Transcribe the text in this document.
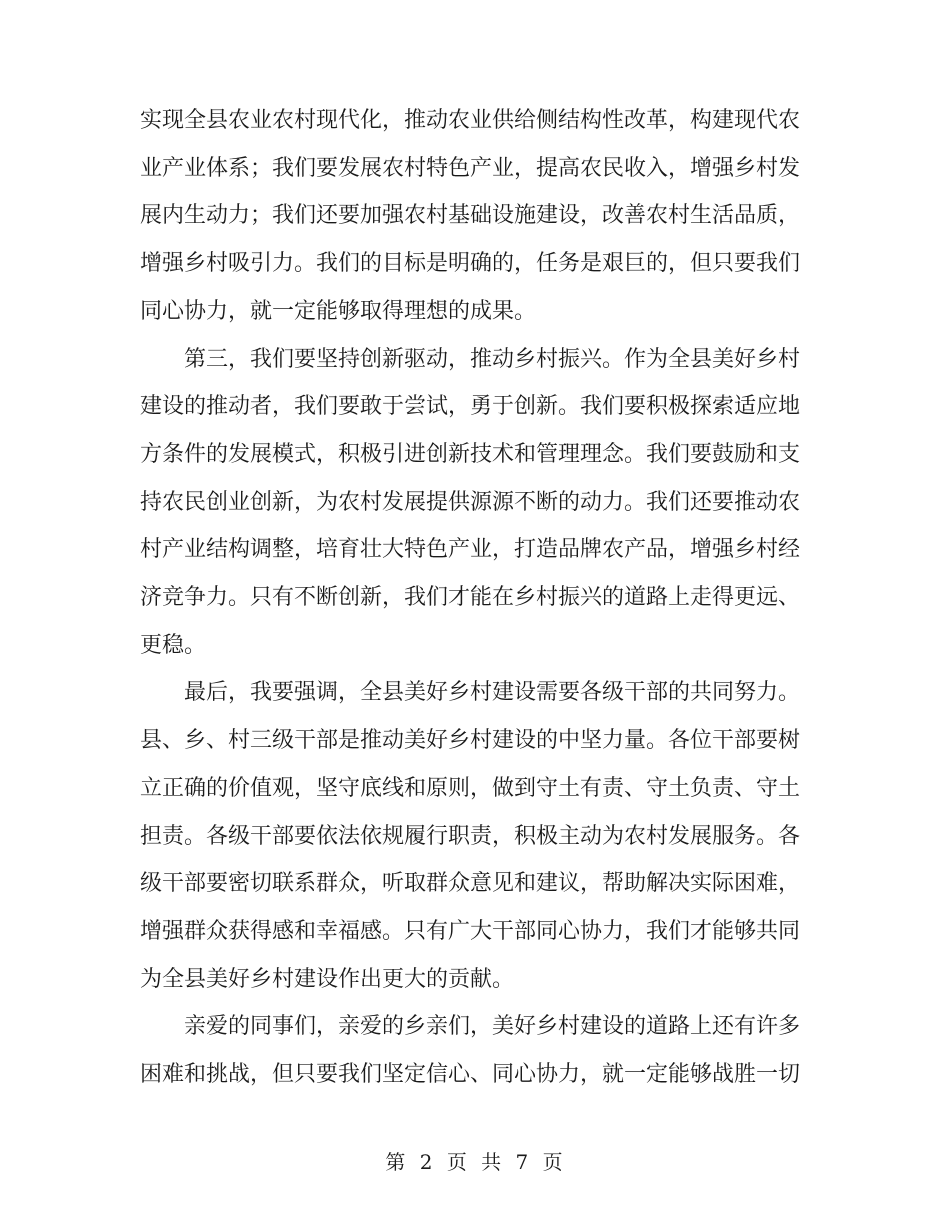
实现全县农业农村现代化，推动农业供给侧结构性改革，构建现代农业产业体系；我们要发展农村特色产业，提高农民收入，增强乡村发展内生动力；我们还要加强农村基础设施建设，改善农村生活品质，增强乡村吸引力。我们的目标是明确的，任务是艰巨的，但只要我们同心协力，就一定能够取得理想的成果。

第三，我们要坚持创新驱动，推动乡村振兴。作为全县美好乡村建设的推动者，我们要敢于尝试，勇于创新。我们要积极探索适应地方条件的发展模式，积极引进创新技术和管理理念。我们要鼓励和支持农民创业创新，为农村发展提供源源不断的动力。我们还要推动农村产业结构调整，培育壮大特色产业，打造品牌农产品，增强乡村经济竞争力。只有不断创新，我们才能在乡村振兴的道路上走得更远、更稳。

最后，我要强调，全县美好乡村建设需要各级干部的共同努力。县、乡、村三级干部是推动美好乡村建设的中坚力量。各位干部要树立正确的价值观，坚守底线和原则，做到守土有责、守土负责、守土担责。各级干部要依法依规履行职责，积极主动为农村发展服务。各级干部要密切联系群众，听取群众意见和建议，帮助解决实际困难，增强群众获得感和幸福感。只有广大干部同心协力，我们才能够共同为全县美好乡村建设作出更大的贡献。

亲爱的同事们，亲爱的乡亲们，美好乡村建设的道路上还有许多困难和挑战，但只要我们坚定信心、同心协力，就一定能够战胜一切

第 2 页 共 7 页
